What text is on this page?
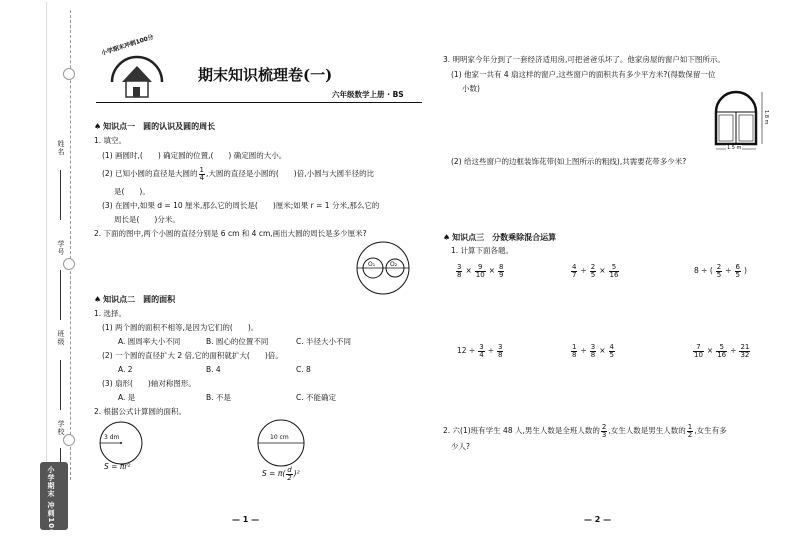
姓名
学号
班级
学校
小学期末 冲刺100分
小学期末冲刺100分
期末知识梳理卷(一)
六年级数学上册 · BS
♠ 知识点一　圆的认识及圆的周长
1. 填空。
(1) 画圆时,(　　) 确定圆的位置,(　　) 确定圆的大小。
(2) 已知小圆的直径是大圆的 $\frac{1}{4}$ ,大圆的直径是小圆的(　　)倍,小圆与大圆半径的比
是(　　)。
(3) 在圆中,如果 d = 10 厘米,那么它的周长是(　　)厘米;如果 r = 1 分米,那么它的
周长是(　　)分米。
2. 下面的图中,两个小圆的直径分别是 6 cm 和 4 cm,画出大圆的周长是多少厘米?
O₁ O₂
♠ 知识点二　圆的面积
1. 选择。
(1) 两个圆的面积不相等,是因为它们的(　　)。
A. 圆周率大小不同	B. 圆心的位置不同	C. 半径大小不同
(2) 一个圆的直径扩大 2 倍,它的面积就扩大(　　)倍。
A. 2	B. 4	C. 8
(3) 扇形(　　)轴对称图形。
A. 是	B. 不是	C. 不能确定
2. 根据公式计算圆的面积。
3 dm
S = πr²
10 cm
$S = \pi( \frac{d}{2} )^2$
— 1 —
3. 明明家今年分到了一套经济适用房,可把爸爸乐坏了。他家房屋的窗户如下图所示。
(1) 他家一共有 4 扇这样的窗户,这些窗户的面积共有多少平方米?(得数保留一位
小数)
1.8 m
1.5 m
(2) 给这些窗户的边框装饰花带(如上图所示的粗线),共需要花带多少米?
♠ 知识点三　分数乘除混合运算
1. 计算下面各题。
$\frac{3}{8} \times \frac{9}{10} \times \frac{8}{9}$	$\frac{4}{7} \div \frac{2}{5} \times \frac{5}{16}$	8 ÷ ( $\frac{2}{5} \div \frac{6}{5}$ )
$12 \div \frac{3}{4} \div \frac{3}{8}$	$\frac{1}{8} \div \frac{3}{8} \times \frac{4}{5}$	$\frac{7}{10} \times \frac{5}{16} \div \frac{21}{32}$
2. 六(1)班有学生 48 人,男生人数是全班人数的 $\frac{2}{3}$ ,女生人数是男生人数的 $\frac{1}{2}$ ,女生有多
少人?
— 2 —
